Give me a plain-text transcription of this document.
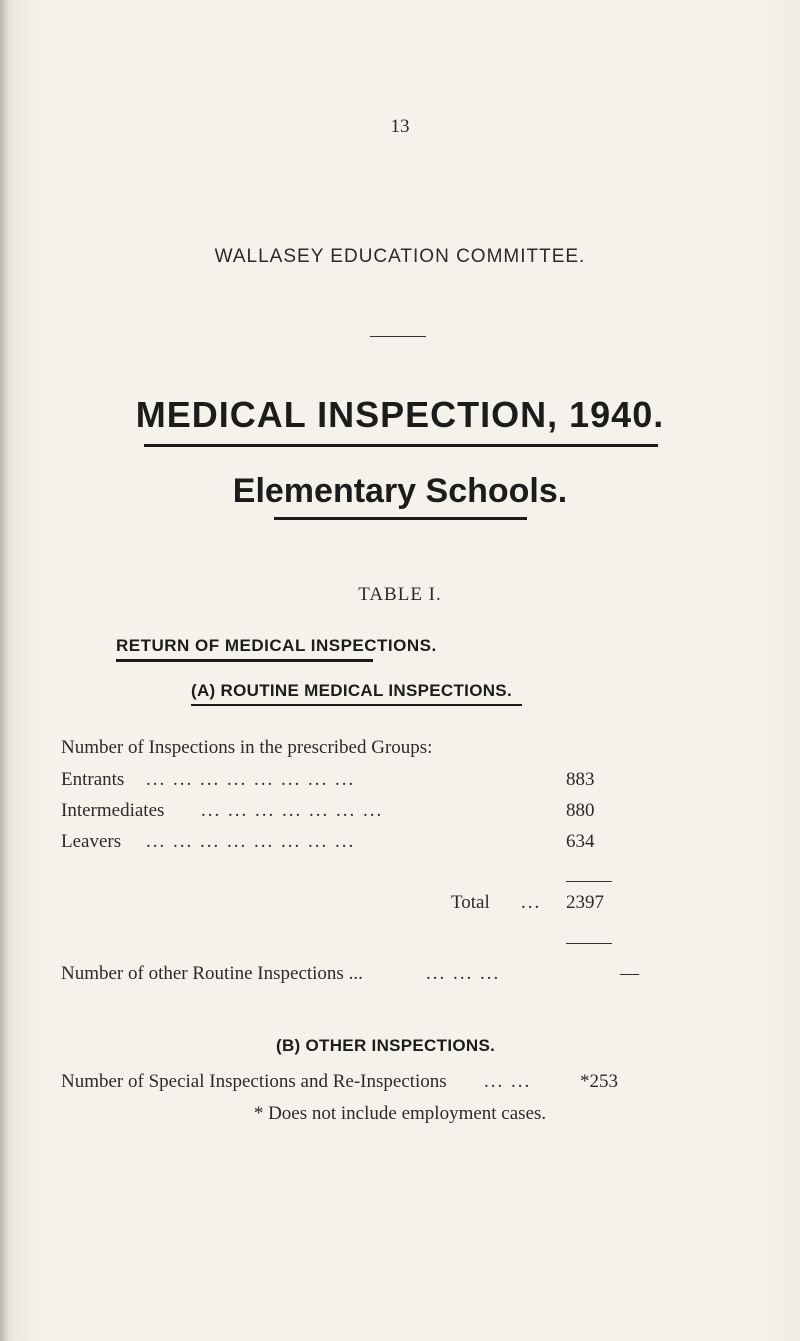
13
WALLASEY EDUCATION COMMITTEE.
MEDICAL INSPECTION, 1940.
Elementary Schools.
TABLE I.
RETURN OF MEDICAL INSPECTIONS.
(A) ROUTINE MEDICAL INSPECTIONS.
Number of Inspections in the prescribed Groups:
Entrants ... ... ... ... ... ... ... ...	883
Intermediates ... ... ... ... ... ... ...	880
Leavers ... ... ... ... ... ... ... ...	634
Total ... 2397
Number of other Routine Inspections ...	... ... ...	—
(B) OTHER INSPECTIONS.
Number of Special Inspections and Re-Inspections ... ...	*253
* Does not include employment cases.
